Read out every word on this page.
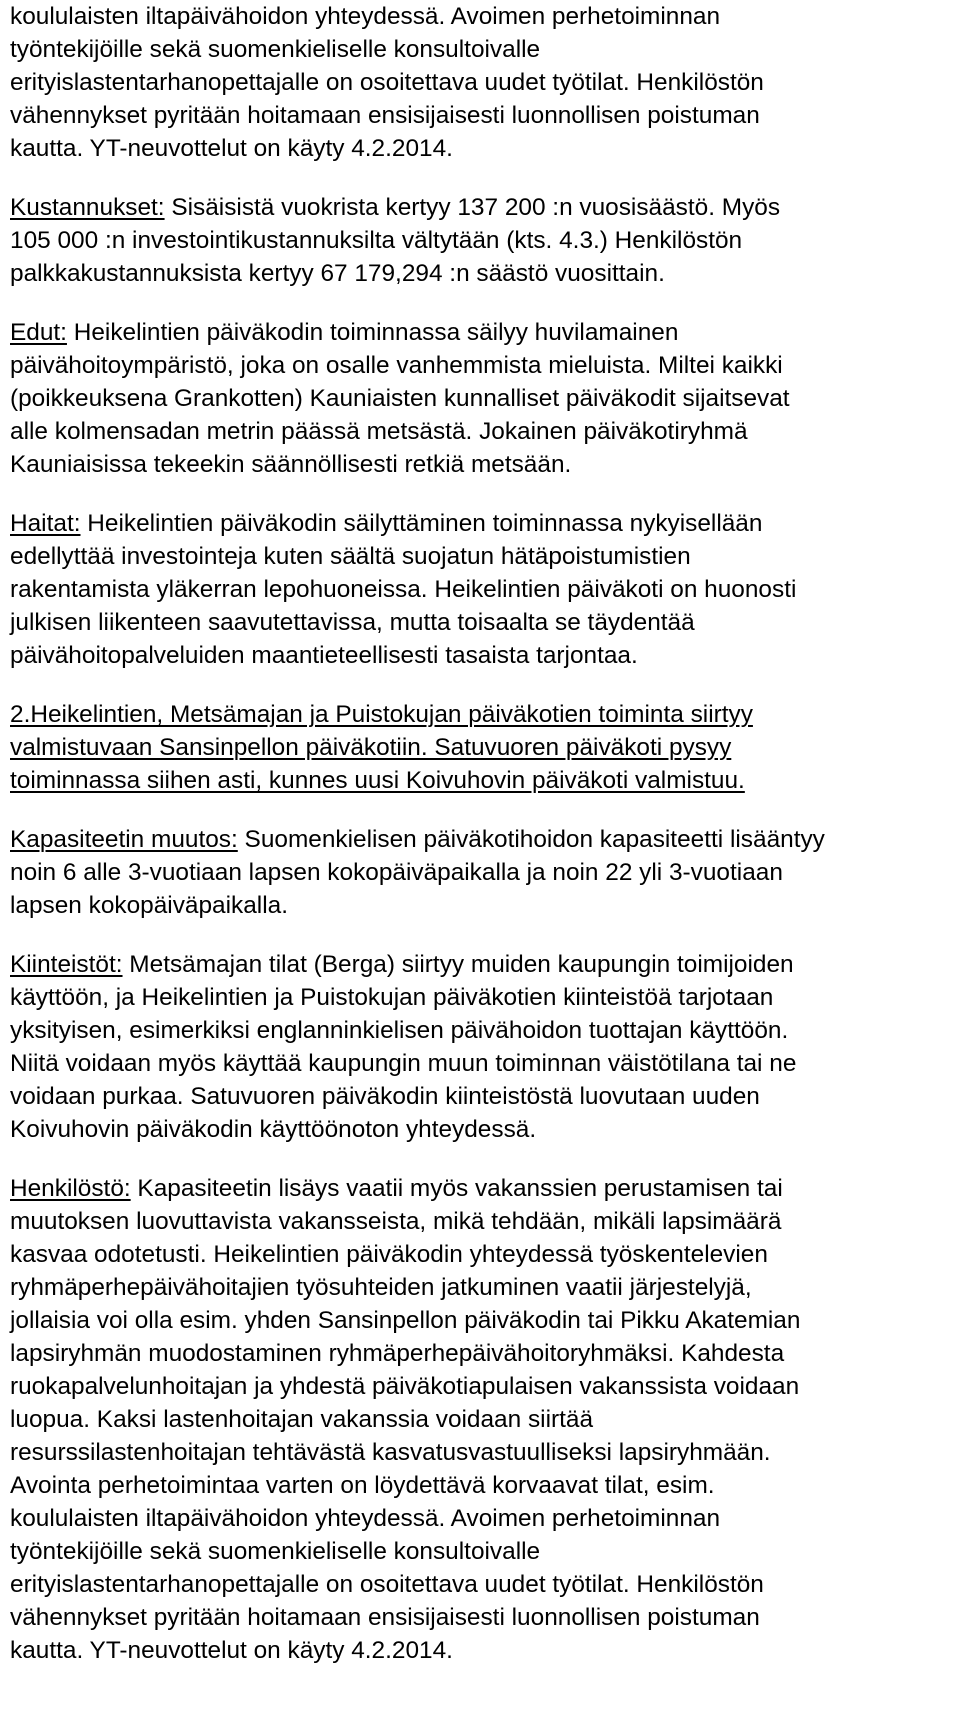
koululaisten iltapäivähoidon yhteydessä. Avoimen perhetoiminnan
työntekijöille sekä suomenkieliselle konsultoivalle
erityislastentarhanopettajalle on osoitettava uudet työtilat. Henkilöstön
vähennykset pyritään hoitamaan ensisijaisesti luonnollisen poistuman
kautta. YT-neuvottelut on käyty 4.2.2014.

Kustannukset: Sisäisistä vuokrista kertyy 137 200 :n vuosisäästö. Myös
105 000 :n investointikustannuksilta vältytään (kts. 4.3.) Henkilöstön
palkkakustannuksista kertyy 67 179,294 :n säästö vuosittain.

Edut: Heikelintien päiväkodin toiminnassa säilyy huvilamainen
päivähoitoympäristö, joka on osalle vanhemmista mieluista. Miltei kaikki
(poikkeuksena Grankotten) Kauniaisten kunnalliset päiväkodit sijaitsevat
alle kolmensadan metrin päässä metsästä. Jokainen päiväkotiryhmä
Kauniaisissa tekeekin säännöllisesti retkiä metsään.

Haitat: Heikelintien päiväkodin säilyttäminen toiminnassa nykyisellään
edellyttää investointeja kuten säältä suojatun hätäpoistumistien
rakentamista yläkerran lepohuoneissa. Heikelintien päiväkoti on huonosti
julkisen liikenteen saavutettavissa, mutta toisaalta se täydentää
päivähoitopalveluiden maantieteellisesti tasaista tarjontaa.

2.Heikelintien, Metsämajan ja Puistokujan päiväkotien toiminta siirtyy
valmistuvaan Sansinpellon päiväkotiin. Satuvuoren päiväkoti pysyy
toiminnassa siihen asti, kunnes uusi Koivuhovin päiväkoti valmistuu.

Kapasiteetin muutos: Suomenkielisen päiväkotihoidon kapasiteetti lisääntyy
noin 6 alle 3-vuotiaan lapsen kokopäiväpaikalla ja noin 22 yli 3-vuotiaan
lapsen kokopäiväpaikalla.

Kiinteistöt: Metsämajan tilat (Berga) siirtyy muiden kaupungin toimijoiden
käyttöön, ja Heikelintien ja Puistokujan päiväkotien kiinteistöä tarjotaan
yksityisen, esimerkiksi englanninkielisen päivähoidon tuottajan käyttöön.
Niitä voidaan myös käyttää kaupungin muun toiminnan väistötilana tai ne
voidaan purkaa. Satuvuoren päiväkodin kiinteistöstä luovutaan uuden
Koivuhovin päiväkodin käyttöönoton yhteydessä.

Henkilöstö: Kapasiteetin lisäys vaatii myös vakanssien perustamisen tai
muutoksen luovuttavista vakansseista, mikä tehdään, mikäli lapsimäärä
kasvaa odotetusti. Heikelintien päiväkodin yhteydessä työskentelevien
ryhmäperhepäivähoitajien työsuhteiden jatkuminen vaatii järjestelyjä,
jollaisia voi olla esim. yhden Sansinpellon päiväkodin tai Pikku Akatemian
lapsiryhmän muodostaminen ryhmäperhepäivähoitoryhmäksi. Kahdesta
ruokapalvelunhoitajan ja yhdestä päiväkotiapulaisen vakanssista voidaan
luopua. Kaksi lastenhoitajan vakanssia voidaan siirtää
resurssilastenhoitajan tehtävästä kasvatusvastuulliseksi lapsiryhmään.
Avointa perhetoimintaa varten on löydettävä korvaavat tilat, esim.
koululaisten iltapäivähoidon yhteydessä. Avoimen perhetoiminnan
työntekijöille sekä suomenkieliselle konsultoivalle
erityislastentarhanopettajalle on osoitettava uudet työtilat. Henkilöstön
vähennykset pyritään hoitamaan ensisijaisesti luonnollisen poistuman
kautta. YT-neuvottelut on käyty 4.2.2014.
